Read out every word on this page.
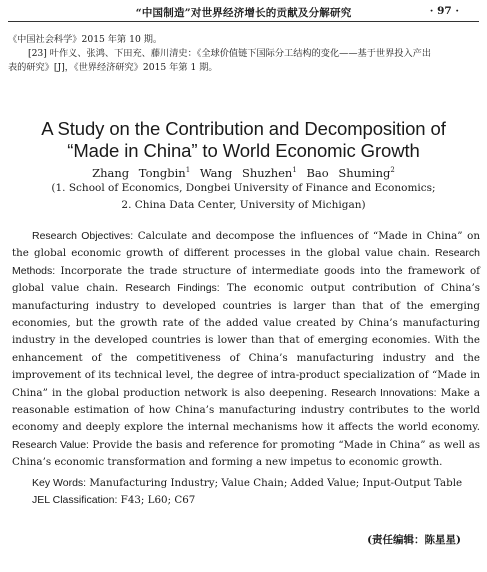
“中国制造”对世界经济增长的贡献及分解研究	· 97 ·
《中国社会科学》2015 年第 10 期。
[23] 叶作义、张鸿、下田充、藤川清史：《全球价值链下国际分工结构的变化——基于世界投入产出
表的研究》[J]，《世界经济研究》2015 年第 1 期。
A Study on the Contribution and Decomposition of
“Made in China” to World Economic Growth
Zhang Tongbin$^1$ Wang Shuzhen$^1$ Bao Shuming$^2$
(1. School of Economics, Dongbei University of Finance and Economics;
2. China Data Center, University of Michigan)

Research Objectives: Calculate and decompose the influences of “Made in China” on the global economic growth of different processes in the global value chain. Research Methods: Incorporate the trade structure of intermediate goods into the framework of global value chain. Research Findings: The economic output contribution of China’s manufacturing industry to developed countries is larger than that of the emerging economies, but the growth rate of the added value created by China’s manufacturing industry in the developed countries is lower than that of emerging economies. With the enhancement of the competitiveness of China’s manufacturing industry and the improvement of its technical level, the degree of intra-product specialization of “Made in China” in the global production network is also deepening. Research Innovations: Make a reasonable estimation of how China’s manufacturing industry contributes to the world economy and deeply explore the internal mechanisms how it affects the world economy. Research Value: Provide the basis and reference for promoting “Made in China” as well as China’s economic transformation and forming a new impetus to economic growth.

Key Words: Manufacturing Industry; Value Chain; Added Value; Input-Output Table
JEL Classification: F43; L60; C67
(责任编辑：陈星星)
